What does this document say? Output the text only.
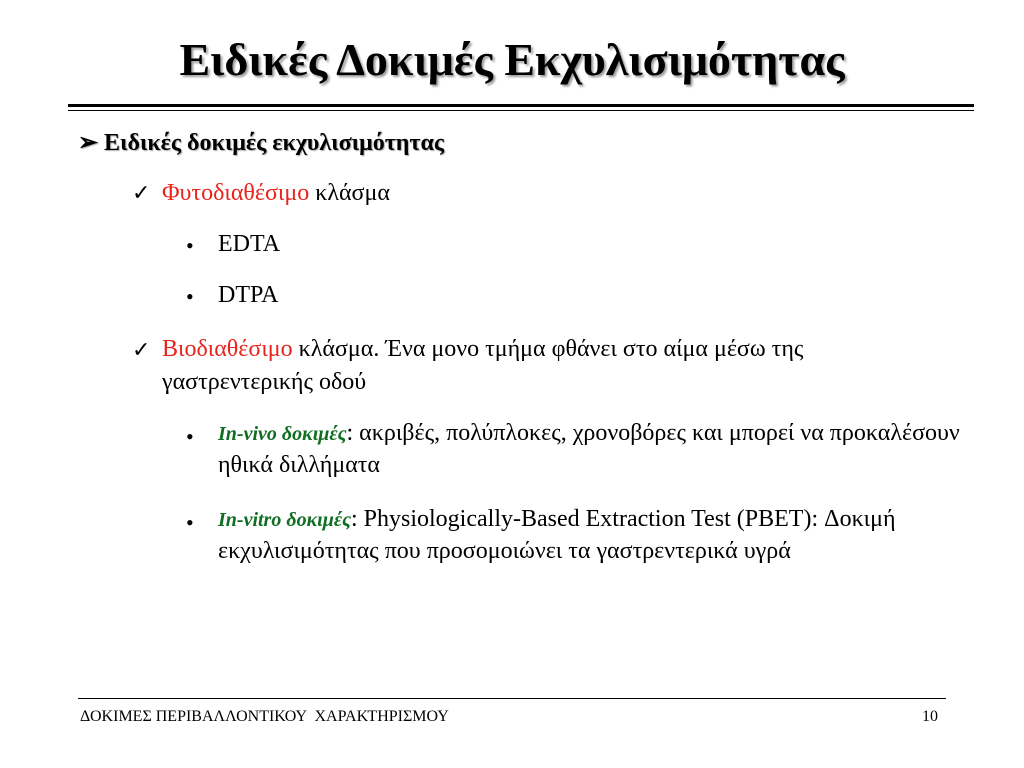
Ειδικές Δοκιμές Εκχυλισιμότητας
➢ Ειδικές δοκιμές εκχυλισιμότητας
✓ Φυτοδιαθέσιμο κλάσμα
• EDTA
• DTPA
✓ Βιοδιαθέσιμο κλάσμα. Ένα μονο τμήμα φθάνει στο αίμα μέσω της γαστρεντερικής οδού
• In-vivo δοκιμές: ακριβές, πολύπλοκες, χρονοβόρες και μπορεί να προκαλέσουν ηθικά διλλήματα
• In-vitro δοκιμές: Physiologically-Based Extraction Test (PBET): Δοκιμή εκχυλισιμότητας που προσομοιώνει τα γαστρεντερικά υγρά
ΔΟΚΙΜΕΣ ΠΕΡΙΒΑΛΛΟΝΤΙΚΟΥ  ΧΑΡΑΚΤΗΡΙΣΜΟΥ	10
